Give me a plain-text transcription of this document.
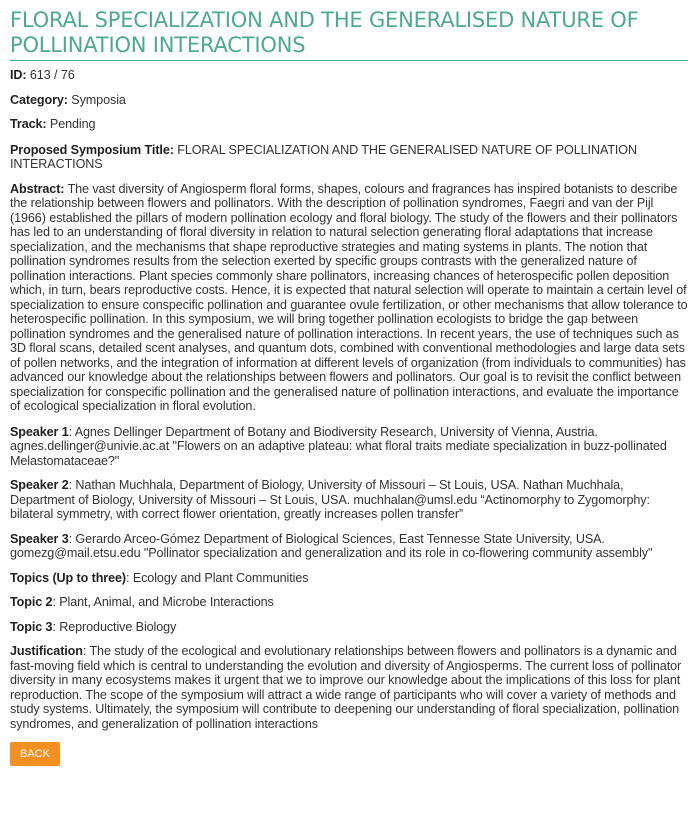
FLORAL SPECIALIZATION AND THE GENERALISED NATURE OF POLLINATION INTERACTIONS

ID: 613 / 76

Category: Symposia

Track: Pending

Proposed Symposium Title: FLORAL SPECIALIZATION AND THE GENERALISED NATURE OF POLLINATION INTERACTIONS

Abstract: The vast diversity of Angiosperm floral forms, shapes, colours and fragrances has inspired botanists to describe the relationship between flowers and pollinators. With the description of pollination syndromes, Faegri and van der Pijl (1966) established the pillars of modern pollination ecology and floral biology. The study of the flowers and their pollinators has led to an understanding of floral diversity in relation to natural selection generating floral adaptations that increase specialization, and the mechanisms that shape reproductive strategies and mating systems in plants. The notion that pollination syndromes results from the selection exerted by specific groups contrasts with the generalized nature of pollination interactions. Plant species commonly share pollinators, increasing chances of heterospecific pollen deposition which, in turn, bears reproductive costs. Hence, it is expected that natural selection will operate to maintain a certain level of specialization to ensure conspecific pollination and guarantee ovule fertilization, or other mechanisms that allow tolerance to heterospecific pollination. In this symposium, we will bring together pollination ecologists to bridge the gap between pollination syndromes and the generalised nature of pollination interactions. In recent years, the use of techniques such as 3D floral scans, detailed scent analyses, and quantum dots, combined with conventional methodologies and large data sets of pollen networks, and the integration of information at different levels of organization (from individuals to communities) has advanced our knowledge about the relationships between flowers and pollinators. Our goal is to revisit the conflict between specialization for conspecific pollination and the generalised nature of pollination interactions, and evaluate the importance of ecological specialization in floral evolution.

Speaker 1: Agnes Dellinger Department of Botany and Biodiversity Research, University of Vienna, Austria. agnes.dellinger@univie.ac.at "Flowers on an adaptive plateau: what floral traits mediate specialization in buzz-pollinated Melastomataceae?"

Speaker 2: Nathan Muchhala, Department of Biology, University of Missouri – St Louis, USA. Nathan Muchhala, Department of Biology, University of Missouri – St Louis, USA. muchhalan@umsl.edu “Actinomorphy to Zygomorphy: bilateral symmetry, with correct flower orientation, greatly increases pollen transfer”

Speaker 3: Gerardo Arceo-Gómez Department of Biological Sciences, East Tennesse State University, USA. gomezg@mail.etsu.edu "Pollinator specialization and generalization and its role in co-flowering community assembly"

Topics (Up to three): Ecology and Plant Communities

Topic 2: Plant, Animal, and Microbe Interactions

Topic 3: Reproductive Biology

Justification: The study of the ecological and evolutionary relationships between flowers and pollinators is a dynamic and fast-moving field which is central to understanding the evolution and diversity of Angiosperms. The current loss of pollinator diversity in many ecosystems makes it urgent that we to improve our knowledge about the implications of this loss for plant reproduction. The scope of the symposium will attract a wide range of participants who will cover a variety of methods and study systems. Ultimately, the symposium will contribute to deepening our understanding of floral specialization, pollination syndromes, and generalization of pollination interactions

BACK
